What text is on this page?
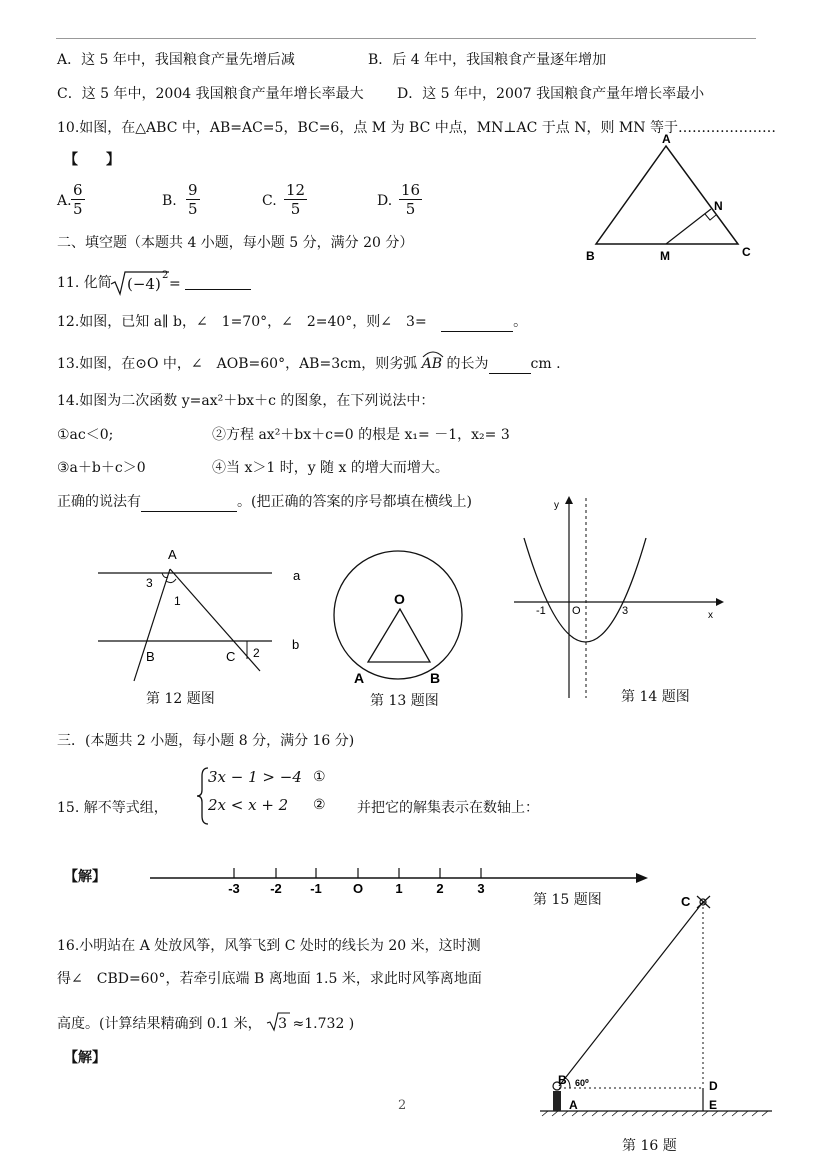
A．这 5 年中，我国粮食产量先增后减	B．后 4 年中，我国粮食产量逐年增加
C．这 5 年中，2004 我国粮食产量年增长率最大 D．这 5 年中，2007 我国粮食产量年增长率最小
10.如图，在△ABC 中，AB=AC=5，BC=6，点 M 为 BC 中点，MN⊥AC 于点 N，则 MN 等于…………………
【　　】
A. $\frac{6}{5}$	B. $\frac{9}{5}$	C. $\frac{12}{5}$	D. $\frac{16}{5}$
A
B	C
M
N
二、填空题（本题共 4 小题，每小题 5 分，满分 20 分）
11. 化简 (−4) 2
=
12.如图，已知 a∥ b，∠　1=70°，∠　2=40°，则∠　3=	。
13.如图，在⊙O 中，∠　AOB=60°，AB=3cm，则劣弧 AB 的长为	cm .
14.如图为二次函数 y=ax²＋bx＋c 的图象，在下列说法中：
①ac＜0;	②方程 ax²＋bx＋c=0 的根是 x₁= －1，x₂= 3
③a＋b＋c＞0	④当 x＞1 时，y 随 x 的增大而增大。
正确的说法有	。(把正确的答案的序号都填在横线上)
A
3
1
a
b
B	C 2
第 12 题图
O
A	B
第 13 题图
y
x
O
-1	3
第 14 题图
三．(本题共 2 小题，每小题 8 分，满分 16 分)
15. 解不等式组，
3x − 1 > −4
2x < x + 2
①
② 并把它的解集表示在数轴上：
【解】
-3 -2 -1 O 1	2	3
第 15 题图
16.小明站在 A 处放风筝，风筝飞到 C 处时的线长为 20 米，这时测
得∠　CBD=60°，若牵引底端 B 离地面 1.5 米，求此时风筝离地面
高度。(计算结果精确到 0.1 米， 3 ≈1.732 )
【解】
C
B 60⁰
A
D
E
第 16 题
2
